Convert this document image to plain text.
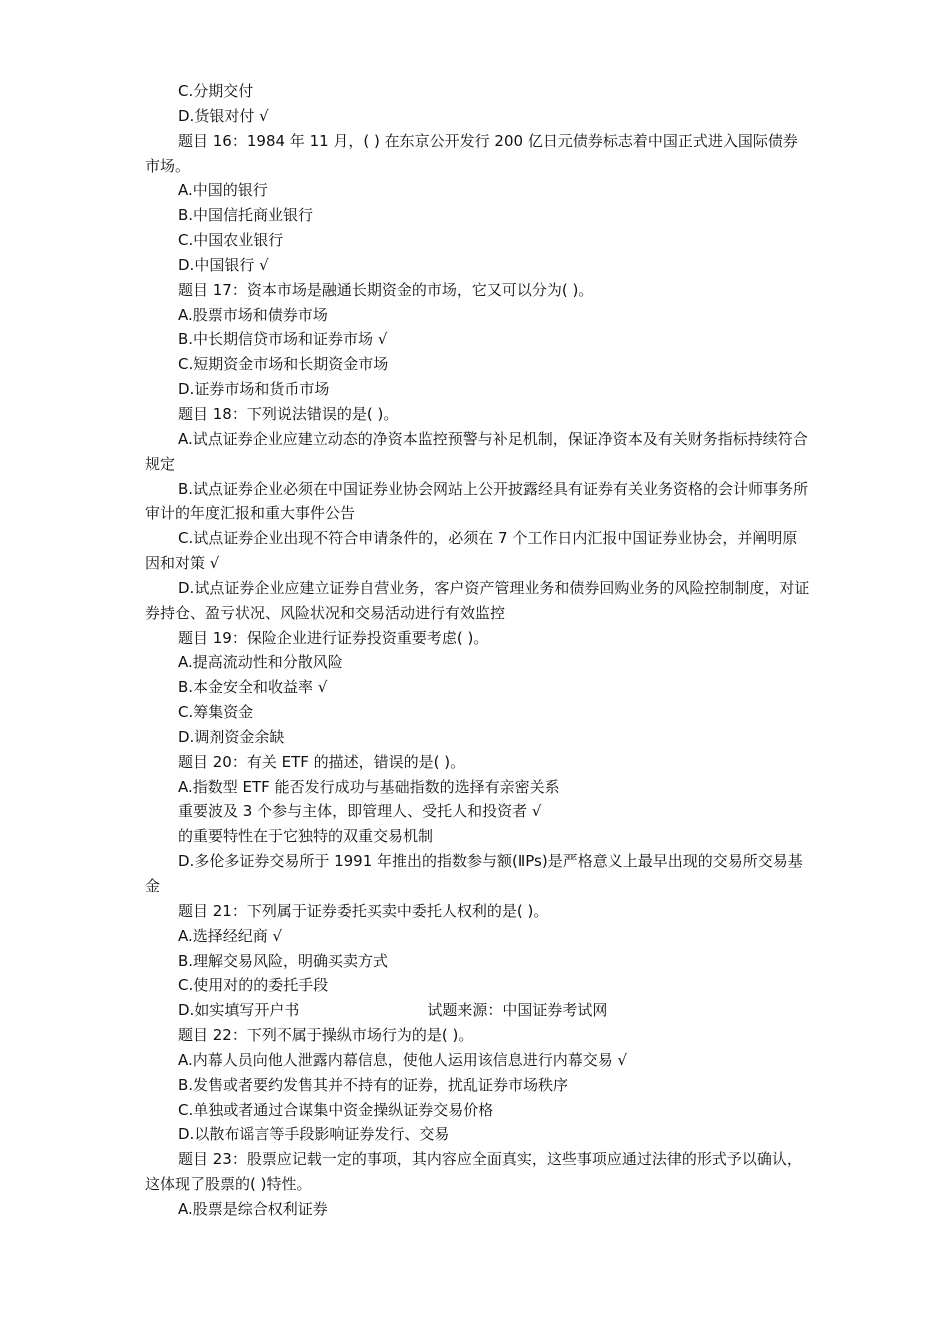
C.分期交付
D.货银对付 √
题目 16：1984 年 11 月，( ) 在东京公开发行 200 亿日元债券标志着中国正式进入国际债券市场。
A.中国的银行
B.中国信托商业银行
C.中国农业银行
D.中国银行 √
题目 17：资本市场是融通长期资金的市场，它又可以分为( )。
A.股票市场和债券市场
B.中长期信贷市场和证券市场 √
C.短期资金市场和长期资金市场
D.证券市场和货币市场
题目 18：下列说法错误的是( )。
A.试点证券企业应建立动态的净资本监控预警与补足机制，保证净资本及有关财务指标持续符合规定
B.试点证券企业必须在中国证券业协会网站上公开披露经具有证券有关业务资格的会计师事务所审计的年度汇报和重大事件公告
C.试点证券企业出现不符合申请条件的，必须在 7 个工作日内汇报中国证券业协会，并阐明原因和对策 √
D.试点证券企业应建立证券自营业务，客户资产管理业务和债券回购业务的风险控制制度，对证券持仓、盈亏状况、风险状况和交易活动进行有效监控
题目 19：保险企业进行证券投资重要考虑( )。
A.提高流动性和分散风险
B.本金安全和收益率 √
C.筹集资金
D.调剂资金余缺
题目 20：有关 ETF 的描述，错误的是( )。
A.指数型 ETF 能否发行成功与基础指数的选择有亲密关系
重要波及 3 个参与主体，即管理人、受托人和投资者 √
的重要特性在于它独特的双重交易机制
D.多伦多证券交易所于 1991 年推出的指数参与额(ⅡPs)是严格意义上最早出现的交易所交易基金
题目 21：下列属于证券委托买卖中委托人权利的是( )。
A.选择经纪商 √
B.理解交易风险，明确买卖方式
C.使用对的的委托手段
D.如实填写开户书	试题来源：中国证券考试网
题目 22：下列不属于操纵市场行为的是( )。
A.内幕人员向他人泄露内幕信息，使他人运用该信息进行内幕交易 √
B.发售或者要约发售其并不持有的证券，扰乱证券市场秩序
C.单独或者通过合谋集中资金操纵证券交易价格
D.以散布谣言等手段影响证券发行、交易
题目 23：股票应记载一定的事项，其内容应全面真实，这些事项应通过法律的形式予以确认，这体现了股票的( )特性。
A.股票是综合权利证券
